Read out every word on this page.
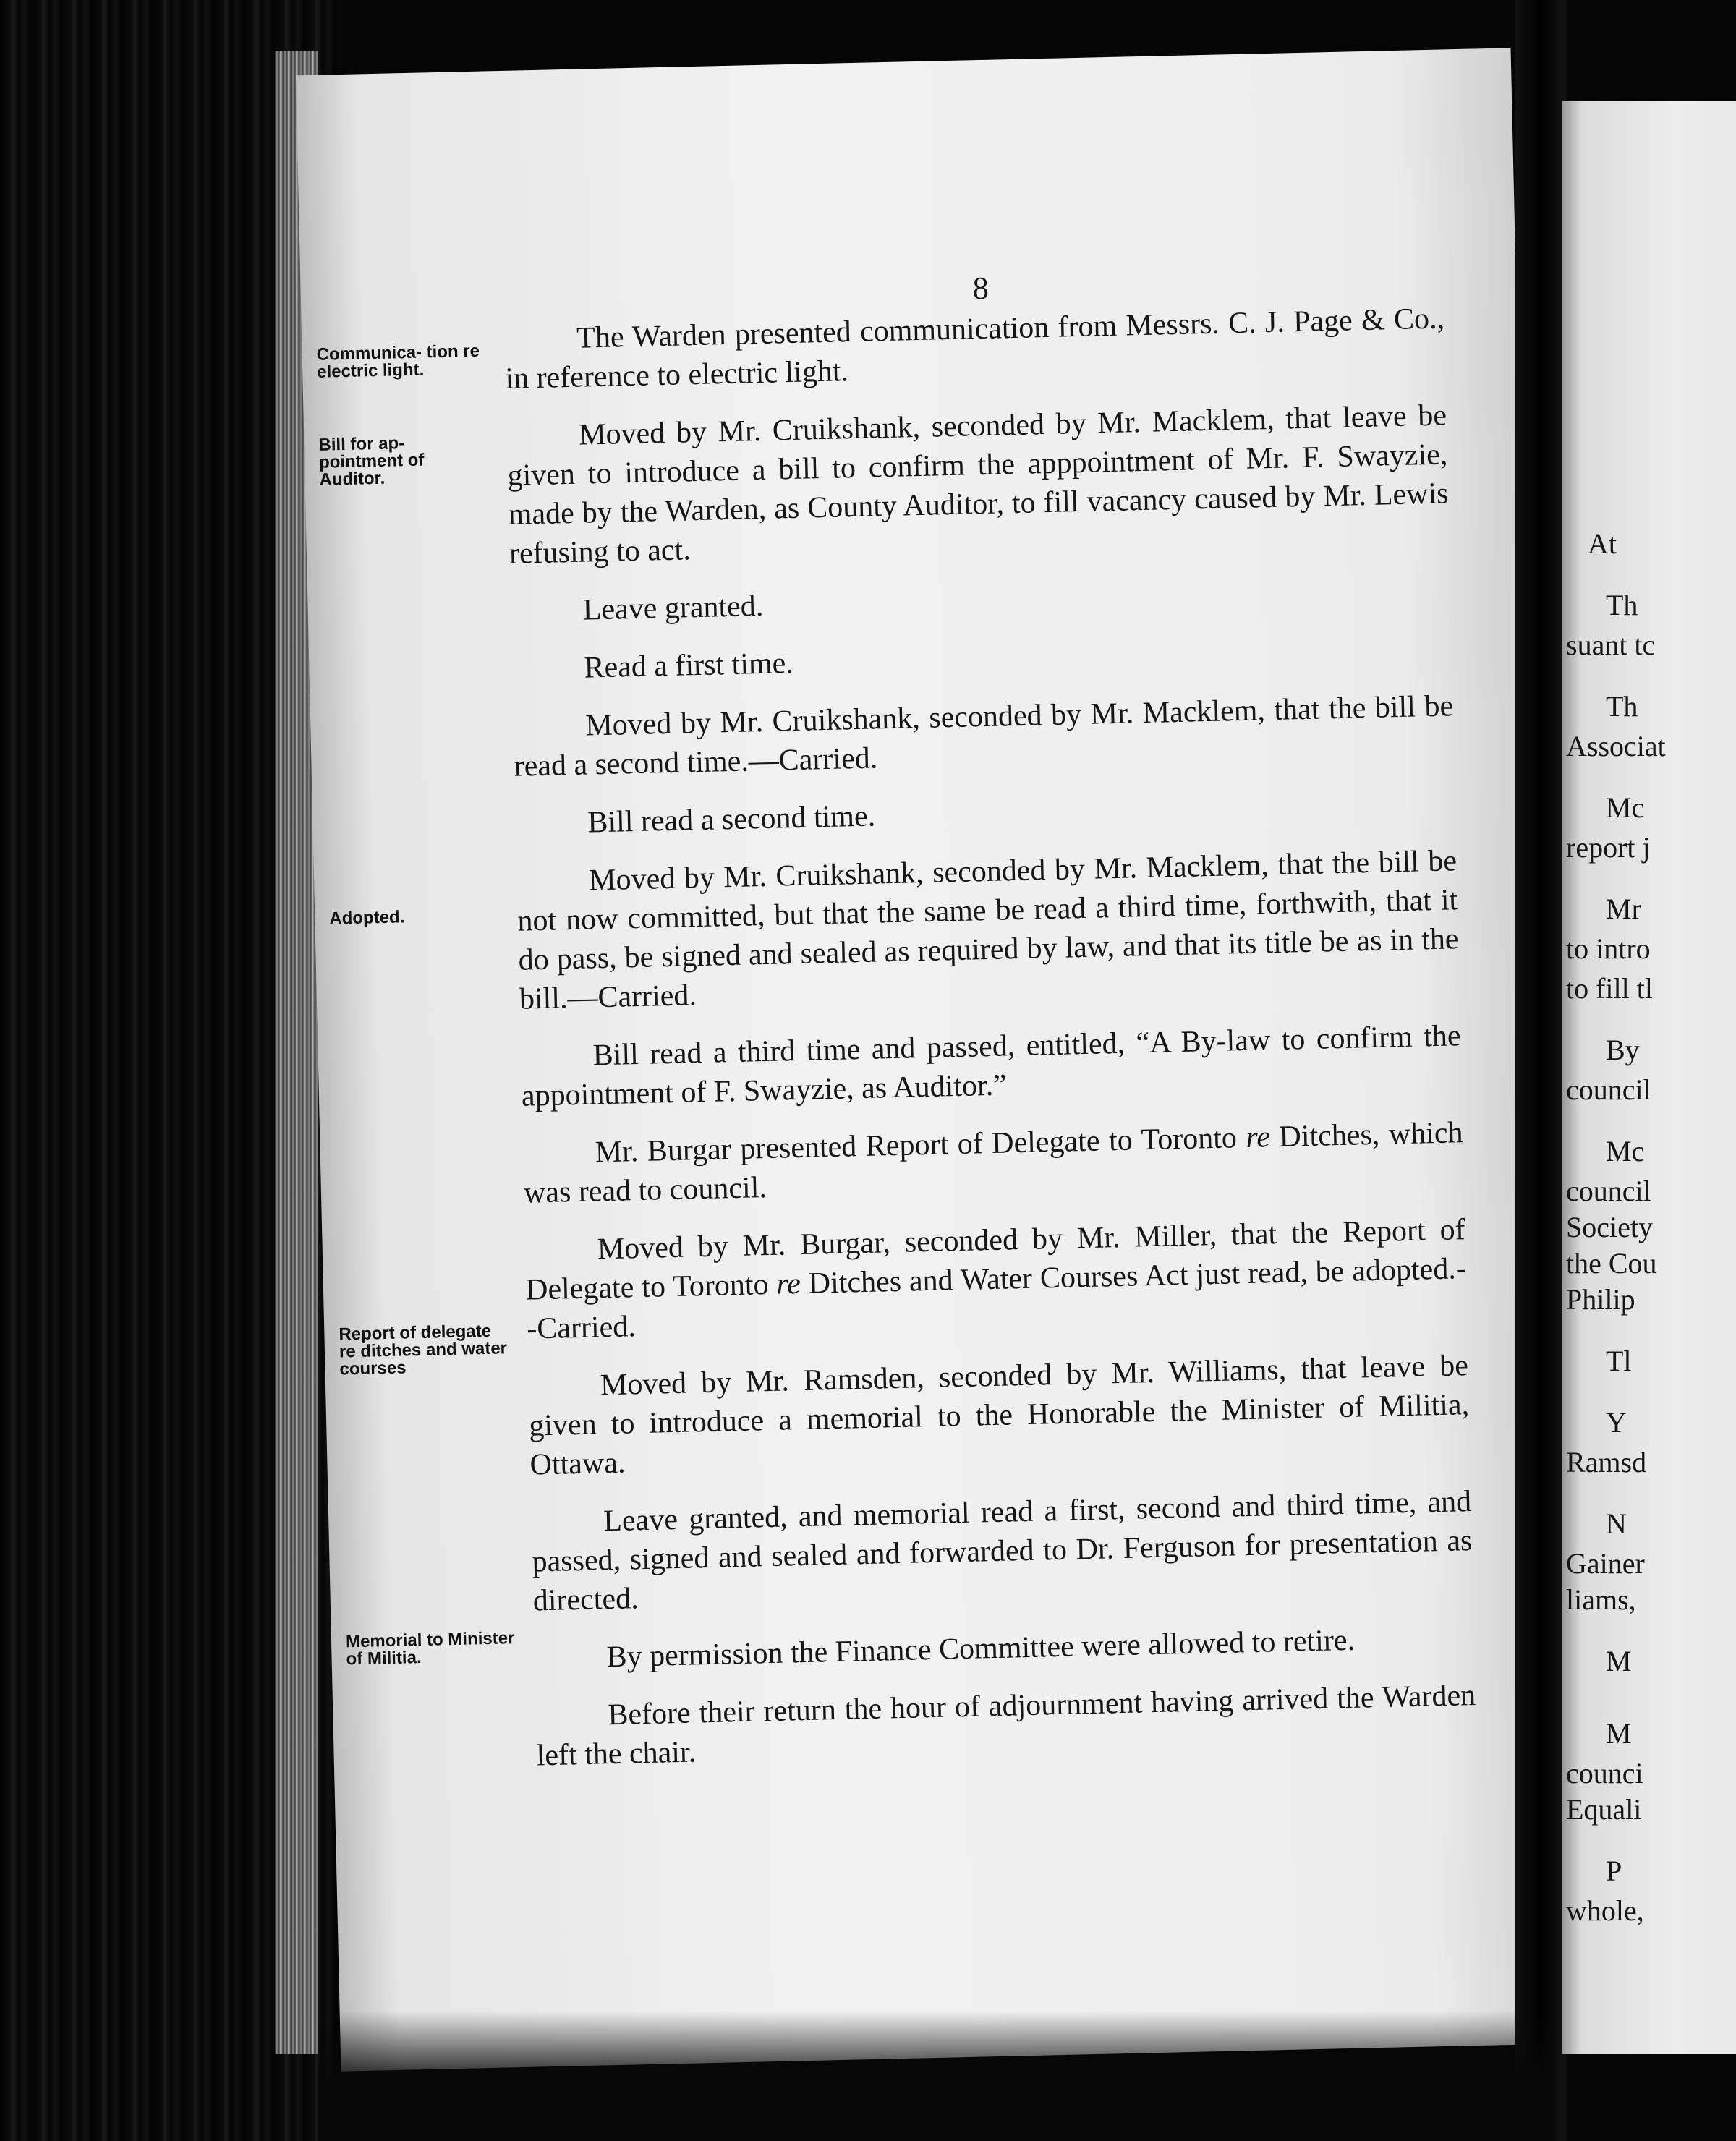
8
Communica- tion re electric light.
Bill for ap- pointment of Auditor.
Adopted.
Report of delegate re ditches and water courses
Memorial to Minister of Militia.

The Warden presented communication from Messrs. C. J. Page & Co., in reference to electric light.

Moved by Mr. Cruikshank, seconded by Mr. Macklem, that leave be given to introduce a bill to confirm the apppointment of Mr. F. Swayzie, made by the Warden, as County Auditor, to fill vacancy caused by Mr. Lewis refusing to act.

Leave granted.

Read a first time.

Moved by Mr. Cruikshank, seconded by Mr. Macklem, that the bill be read a second time.—Carried.

Bill read a second time.

Moved by Mr. Cruikshank, seconded by Mr. Macklem, that the bill be not now committed, but that the same be read a third time, forthwith, that it do pass, be signed and sealed as required by law, and that its title be as in the bill.—Carried.

Bill read a third time and passed, entitled, “A By-law to confirm the appointment of F. Swayzie, as Auditor.”

Mr. Burgar presented Report of Delegate to Toronto re Ditches, which was read to council.

Moved by Mr. Burgar, seconded by Mr. Miller, that the Report of Delegate to Toronto re Ditches and Water Courses Act just read, be adopted.- -Carried.

Moved by Mr. Ramsden, seconded by Mr. Williams, that leave be given to introduce a memorial to the Honorable the Minister of Militia, Ottawa.

Leave granted, and memorial read a first, second and third time, and passed, signed and sealed and forwarded to Dr. Ferguson for presentation as directed.

By permission the Finance Committee were allowed to retire.

Before their return the hour of adjournment having arrived the Warden left the chair.

At
Th
suant tc
Th
Associat
Mc
report j
Mr
to intro
to fill tl
By
council
Mc
council
Society
the Cou
Philip
Tl
Y
Ramsd
N
Gainer
liams,
M
M
counci
Equali
P
whole,
